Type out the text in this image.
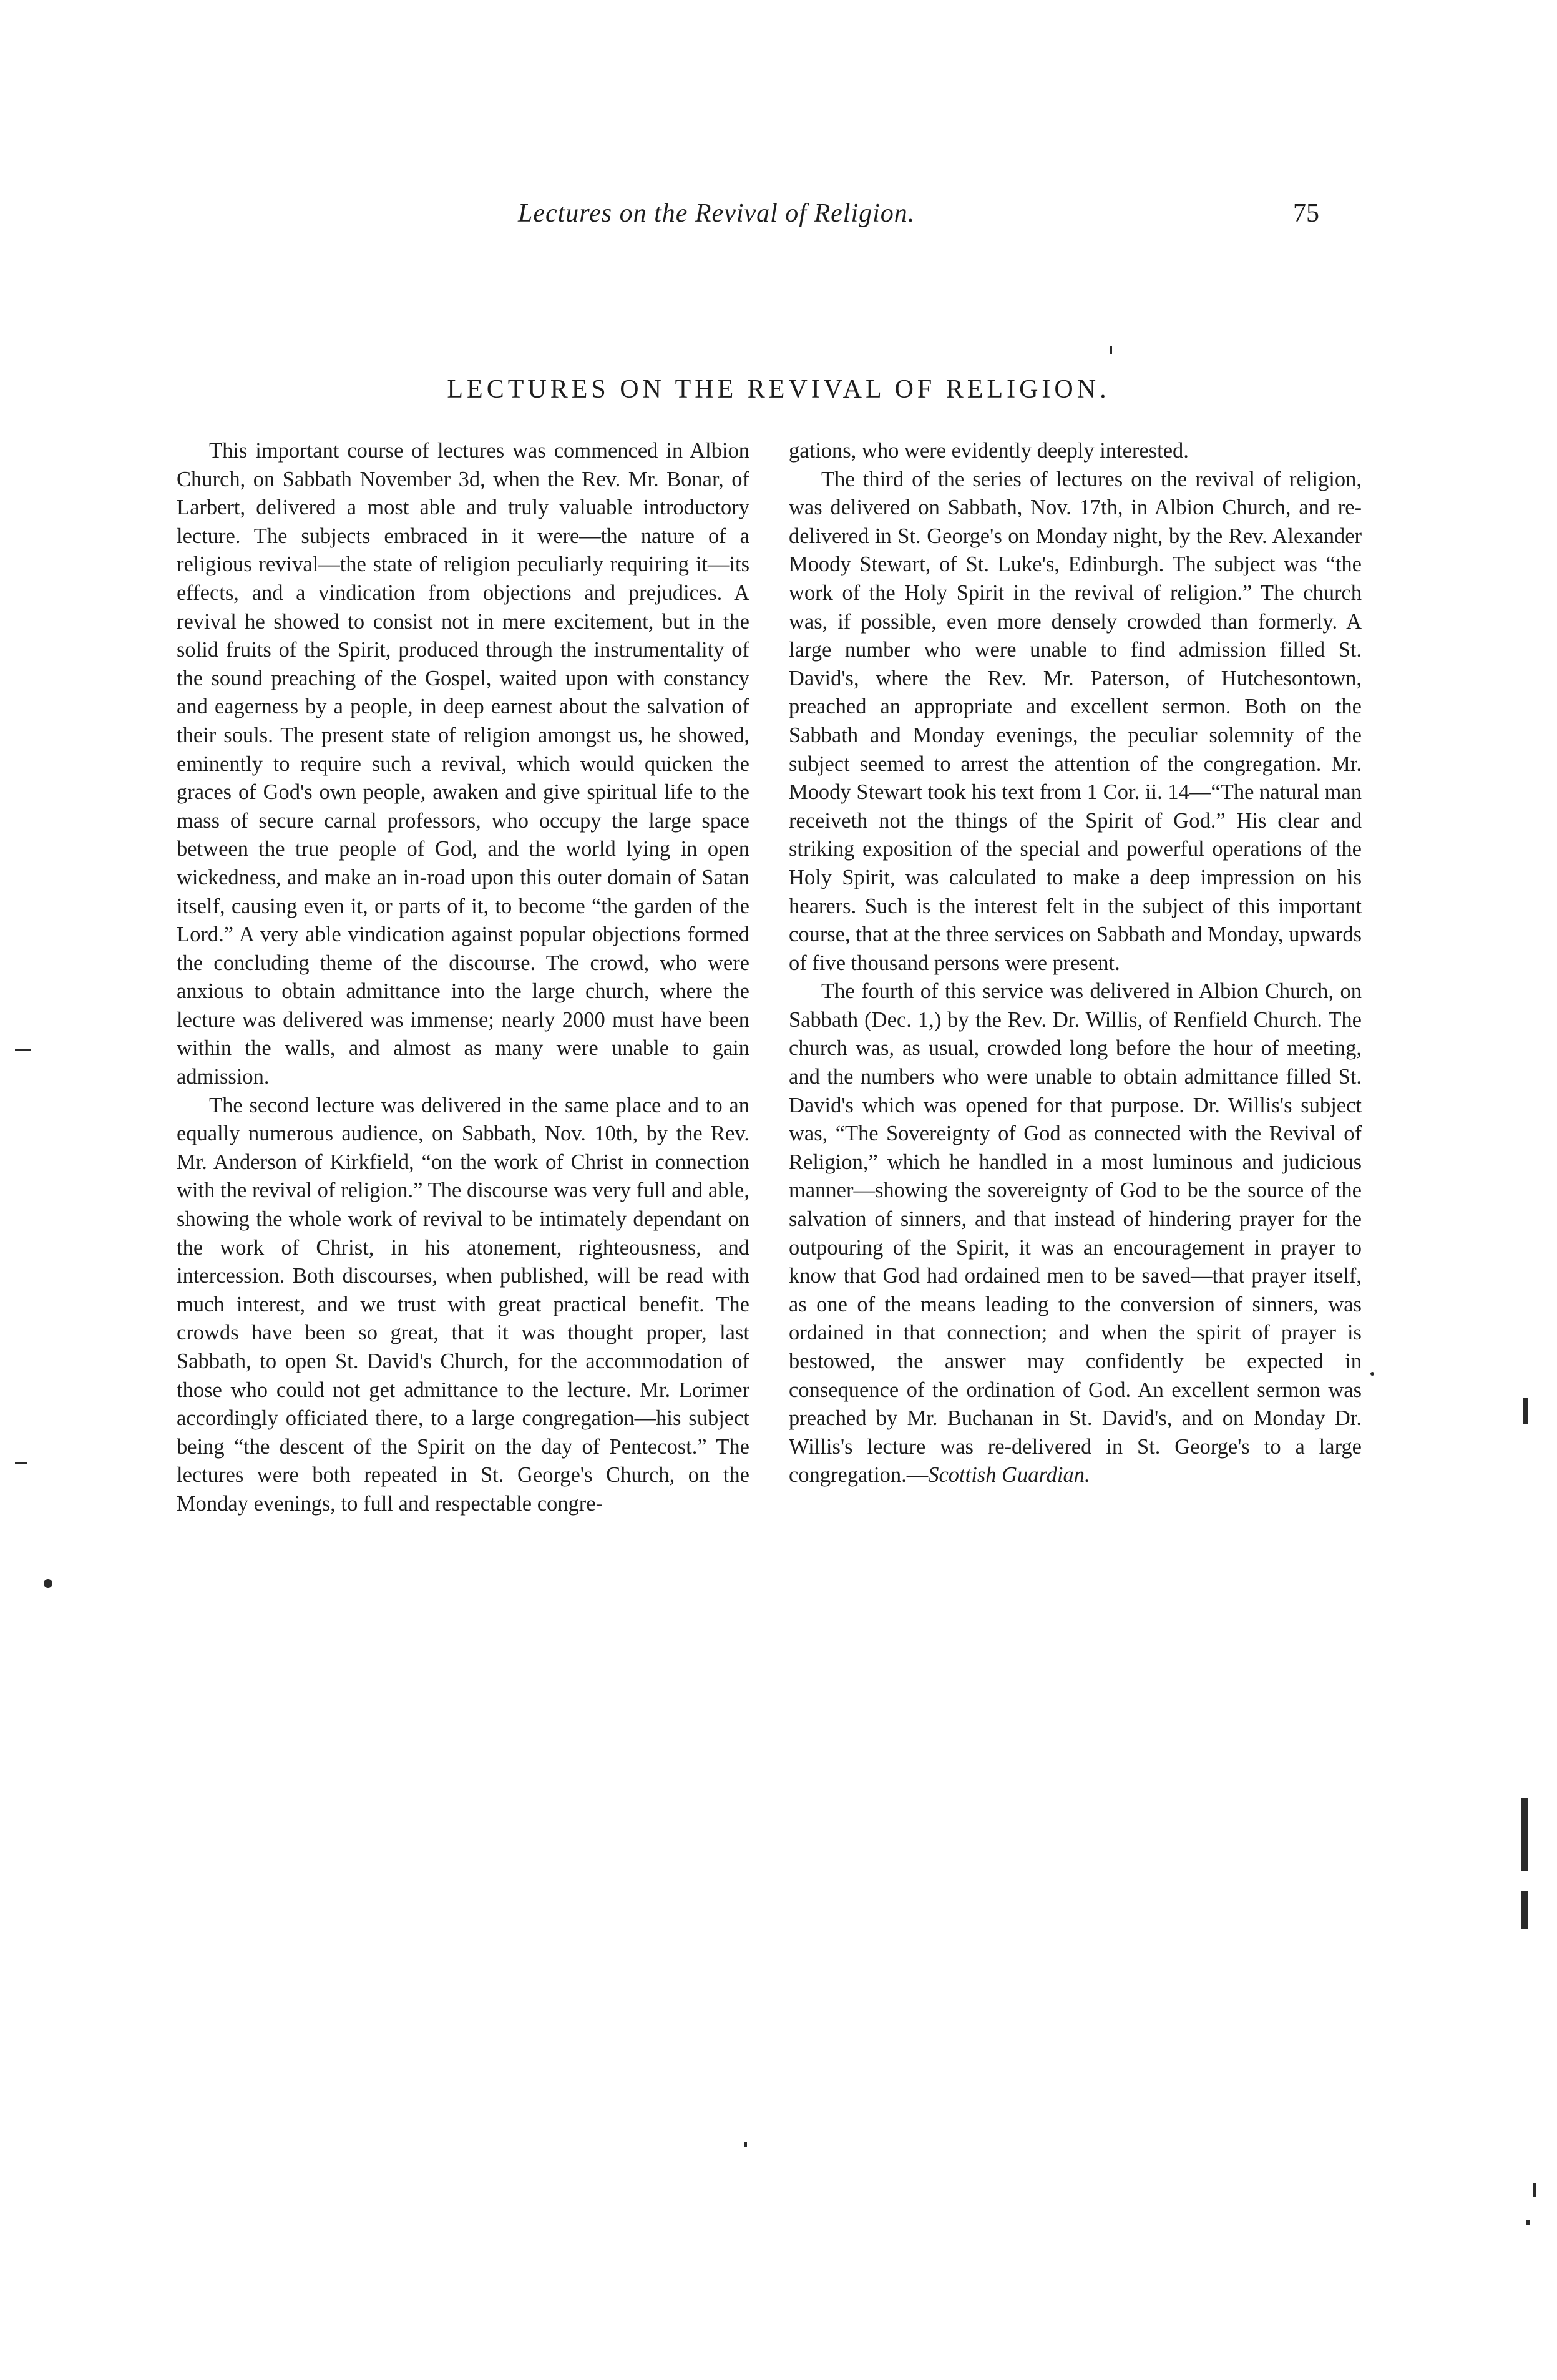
Lectures on the Revival of Religion.	75
LECTURES ON THE REVIVAL OF RELIGION.

This important course of lectures was commenced in Albion Church, on Sabbath November 3d, when the Rev. Mr. Bonar, of Larbert, delivered a most able and truly valuable introductory lecture. The subjects embraced in it were—the nature of a religious revival—the state of religion peculiarly requiring it—its effects, and a vindication from objections and prejudices. A revival he showed to consist not in mere excitement, but in the solid fruits of the Spirit, produced through the instrumentality of the sound preaching of the Gospel, waited upon with constancy and eagerness by a people, in deep earnest about the salvation of their souls. The present state of religion amongst us, he showed, eminently to require such a revival, which would quicken the graces of God's own people, awaken and give spiritual life to the mass of secure carnal professors, who occupy the large space between the true people of God, and the world lying in open wickedness, and make an in-road upon this outer domain of Satan itself, causing even it, or parts of it, to become “the garden of the Lord.” A very able vindication against popular objections formed the concluding theme of the discourse. The crowd, who were anxious to obtain admittance into the large church, where the lecture was delivered was immense; nearly 2000 must have been within the walls, and almost as many were unable to gain admission.

The second lecture was delivered in the same place and to an equally numerous audience, on Sabbath, Nov. 10th, by the Rev. Mr. Anderson of Kirkfield, “on the work of Christ in connection with the revival of religion.” The discourse was very full and able, showing the whole work of revival to be intimately dependant on the work of Christ, in his atonement, righteousness, and intercession. Both discourses, when published, will be read with much interest, and we trust with great practical benefit. The crowds have been so great, that it was thought proper, last Sabbath, to open St. David's Church, for the accommodation of those who could not get admittance to the lecture. Mr. Lorimer accordingly officiated there, to a large congregation—his subject being “the descent of the Spirit on the day of Pentecost.” The lectures were both repeated in St. George's Church, on the Monday evenings, to full and respectable congre-

gations, who were evidently deeply interested.

The third of the series of lectures on the revival of religion, was delivered on Sabbath, Nov. 17th, in Albion Church, and re-delivered in St. George's on Monday night, by the Rev. Alexander Moody Stewart, of St. Luke's, Edinburgh. The subject was “the work of the Holy Spirit in the revival of religion.” The church was, if possible, even more densely crowded than formerly. A large number who were unable to find admission filled St. David's, where the Rev. Mr. Paterson, of Hutchesontown, preached an appropriate and excellent sermon. Both on the Sabbath and Monday evenings, the peculiar solemnity of the subject seemed to arrest the attention of the congregation. Mr. Moody Stewart took his text from 1 Cor. ii. 14—“The natural man receiveth not the things of the Spirit of God.” His clear and striking exposition of the special and powerful operations of the Holy Spirit, was calculated to make a deep impression on his hearers. Such is the interest felt in the subject of this important course, that at the three services on Sabbath and Monday, upwards of five thousand persons were present.

The fourth of this service was delivered in Albion Church, on Sabbath (Dec. 1,) by the Rev. Dr. Willis, of Renfield Church. The church was, as usual, crowded long before the hour of meeting, and the numbers who were unable to obtain admittance filled St. David's which was opened for that purpose. Dr. Willis's subject was, “The Sovereignty of God as connected with the Revival of Religion,” which he handled in a most luminous and judicious manner—showing the sovereignty of God to be the source of the salvation of sinners, and that instead of hindering prayer for the outpouring of the Spirit, it was an encouragement in prayer to know that God had ordained men to be saved—that prayer itself, as one of the means leading to the conversion of sinners, was ordained in that connection; and when the spirit of prayer is bestowed, the answer may confidently be expected in consequence of the ordination of God. An excellent sermon was preached by Mr. Buchanan in St. David's, and on Monday Dr. Willis's lecture was re-delivered in St. George's to a large congregation.—Scottish Guardian.
